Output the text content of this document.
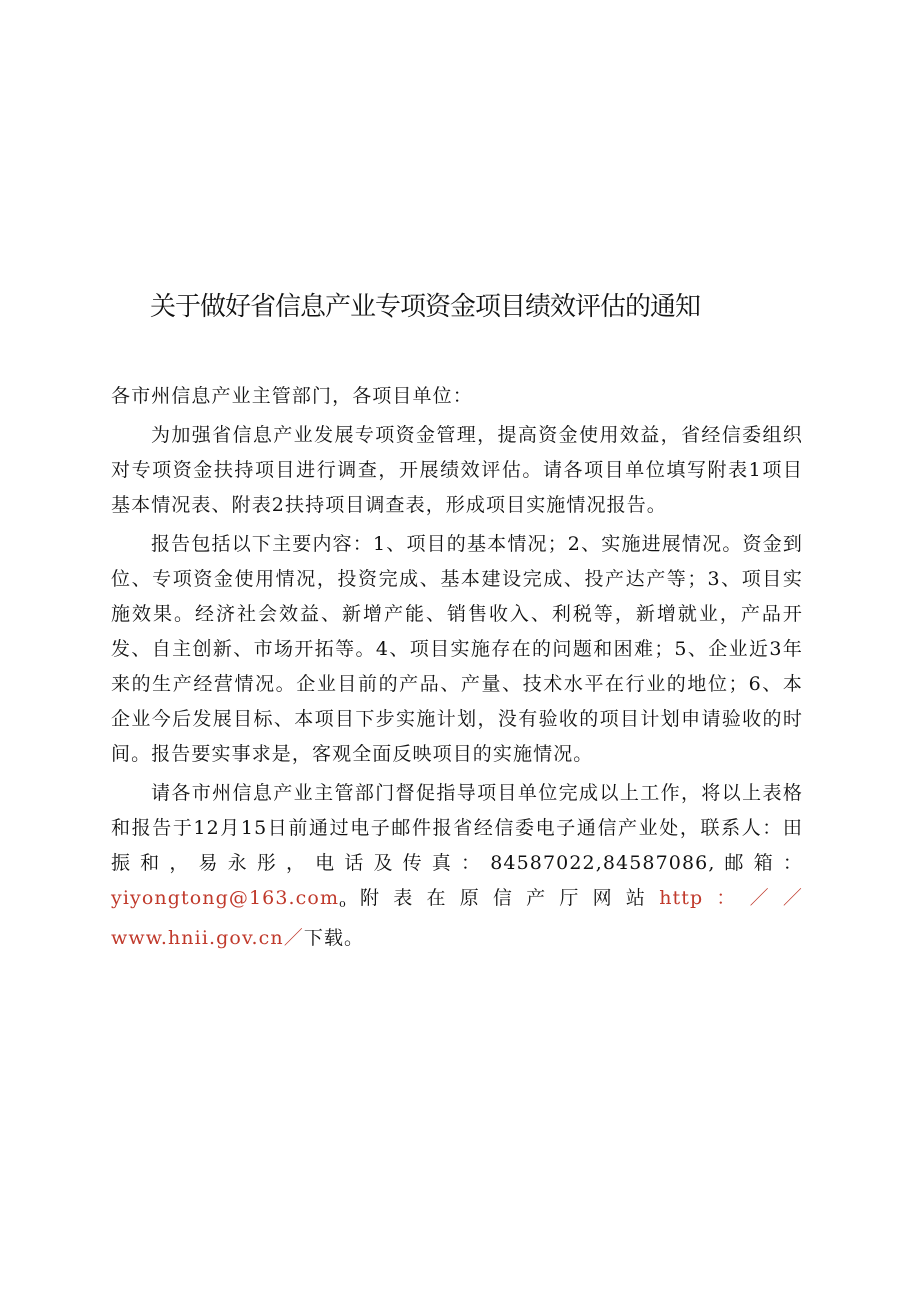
关于做好省信息产业专项资金项目绩效评估的通知

各市州信息产业主管部门，各项目单位：

为加强省信息产业发展专项资金管理，提高资金使用效益，省经信委组织对专项资金扶持项目进行调查，开展绩效评估。请各项目单位填写附表1项目基本情况表、附表2扶持项目调查表，形成项目实施情况报告。

报告包括以下主要内容：1、项目的基本情况；2、实施进展情况。资金到位、专项资金使用情况，投资完成、基本建设完成、投产达产等；3、项目实施效果。经济社会效益、新增产能、销售收入、利税等，新增就业，产品开发、自主创新、市场开拓等。4、项目实施存在的问题和困难；5、企业近3年来的生产经营情况。企业目前的产品、产量、技术水平在行业的地位；6、本企业今后发展目标、本项目下步实施计划，没有验收的项目计划申请验收的时间。报告要实事求是，客观全面反映项目的实施情况。

请各市州信息产业主管部门督促指导项目单位完成以上工作，将以上表格和报告于12月15日前通过电子邮件报省经信委电子通信产业处，联系人：田振和，易永彤，电话及传真：84587022,84587086,邮箱：yiyongtong@163.como附表在原信产厅网站http：／／www.hnii.gov.cn／下载。
